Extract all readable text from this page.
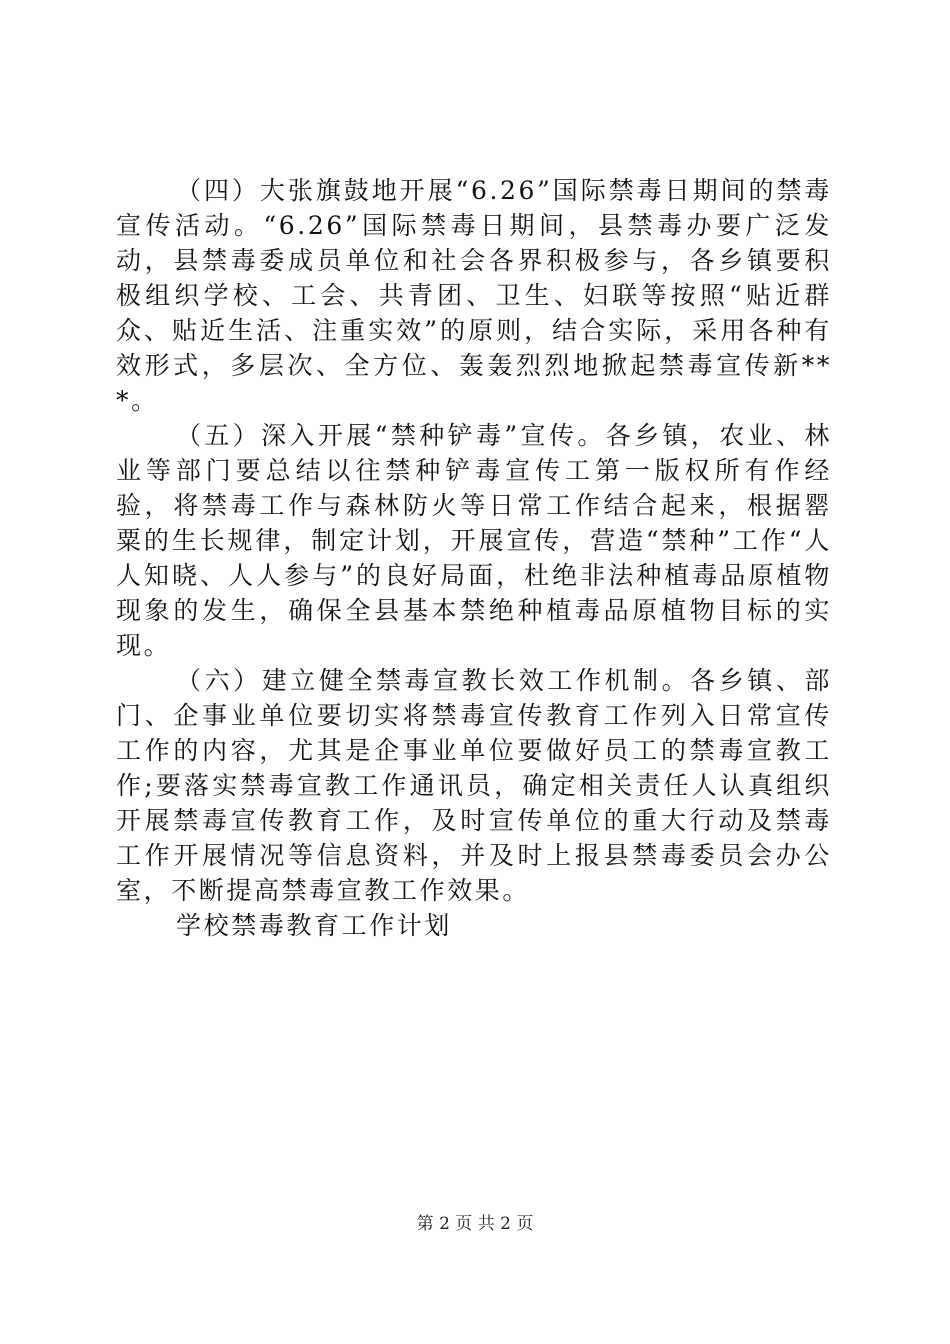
（四）大张旗鼓地开展“6.26”国际禁毒日期间的禁毒宣传活动。“6.26”国际禁毒日期间，县禁毒办要广泛发动，县禁毒委成员单位和社会各界积极参与，各乡镇要积极组织学校、工会、共青团、卫生、妇联等按照“贴近群众、贴近生活、注重实效”的原则，结合实际，采用各种有效形式，多层次、全方位、轰轰烈烈地掀起禁毒宣传新***。

（五）深入开展“禁种铲毒”宣传。各乡镇，农业、林业等部门要总结以往禁种铲毒宣传工第一版权所有作经验，将禁毒工作与森林防火等日常工作结合起来，根据罂粟的生长规律，制定计划，开展宣传，营造“禁种”工作“人人知晓、人人参与”的良好局面，杜绝非法种植毒品原植物现象的发生，确保全县基本禁绝种植毒品原植物目标的实现。

（六）建立健全禁毒宣教长效工作机制。各乡镇、部门、企事业单位要切实将禁毒宣传教育工作列入日常宣传工作的内容，尤其是企事业单位要做好员工的禁毒宣教工作;要落实禁毒宣教工作通讯员，确定相关责任人认真组织开展禁毒宣传教育工作，及时宣传单位的重大行动及禁毒工作开展情况等信息资料，并及时上报县禁毒委员会办公室，不断提高禁毒宣教工作效果。

学校禁毒教育工作计划

第 2 页 共 2 页
